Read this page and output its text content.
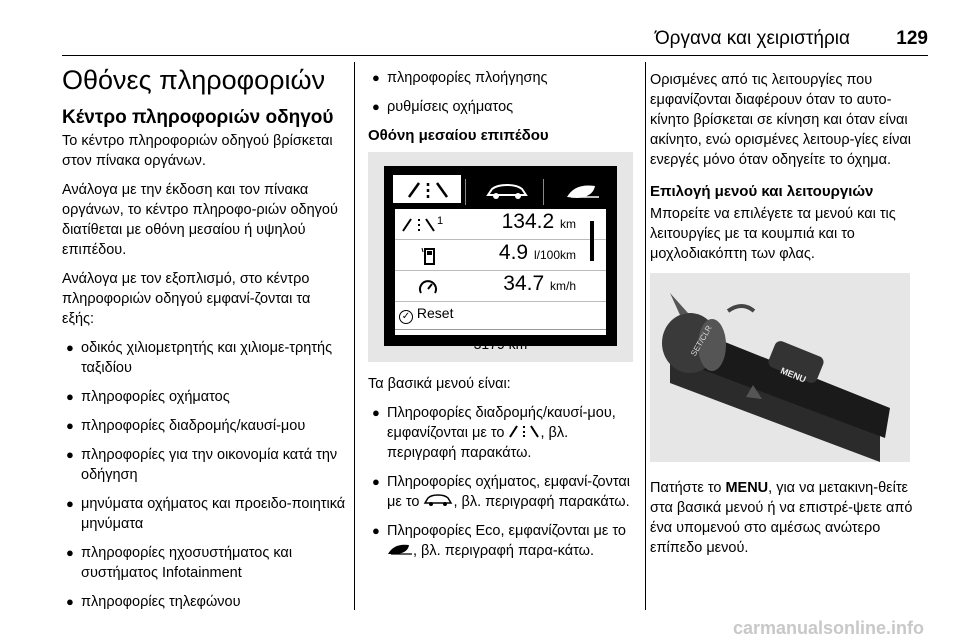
Όργανα και χειριστήρια 129
Οθόνες πληροφοριών
Κέντρο πληροφοριών οδηγού

Το κέντρο πληροφοριών οδηγού βρίσκεται στον πίνακα οργάνων.

Ανάλογα με την έκδοση και τον πίνακα οργάνων, το κέντρο πληροφο-ριών οδηγού διατίθεται με οθόνη μεσαίου ή υψηλού επιπέδου.

Ανάλογα με τον εξοπλισμό, στο κέντρο πληροφοριών οδηγού εμφανί-ζονται τα εξής:

● οδικός χιλιομετρητής και χιλιομε-τρητής ταξιδίου
● πληροφορίες οχήματος
● πληροφορίες διαδρομής/καυσί-μου
● πληροφορίες για την οικονομία κατά την οδήγηση
● μηνύματα οχήματος και προειδο-ποιητικά μηνύματα
● πληροφορίες ηχοσυστήματος και συστήματος Infotainment
● πληροφορίες τηλεφώνου
● πληροφορίες πλοήγησης
● ρυθμίσεις οχήματος
Οθόνη μεσαίου επιπέδου
1	134.2 km
4.9 l/100km
34.7 km/h
✓ Reset
3179 km

Τα βασικά μενού είναι:

● Πληροφορίες διαδρομής/καυσί-μου, εμφανίζονται με το , βλ. περιγραφή παρακάτω.
● Πληροφορίες οχήματος, εμφανί-ζονται με το , βλ. περιγραφή παρακάτω.
● Πληροφορίες Eco, εμφανίζονται με το , βλ. περιγραφή παρα-κάτω.

Ορισμένες από τις λειτουργίες που εμφανίζονται διαφέρουν όταν το αυτο-κίνητο βρίσκεται σε κίνηση και όταν είναι ακίνητο, ενώ ορισμένες λειτουρ-γίες είναι ενεργές μόνο όταν οδηγείτε το όχημα.

Επιλογή μενού και λειτουργιών

Μπορείτε να επιλέγετε τα μενού και τις λειτουργίες με τα κουμπιά και το μοχλοδιακόπτη των φλας.

SET/CLR
MENU

Πατήστε το MENU, για να μετακινη-θείτε στα βασικά μενού ή να επιστρέ-ψετε από ένα υπομενού στο αμέσως ανώτερο επίπεδο μενού.

carmanualsonline.info
